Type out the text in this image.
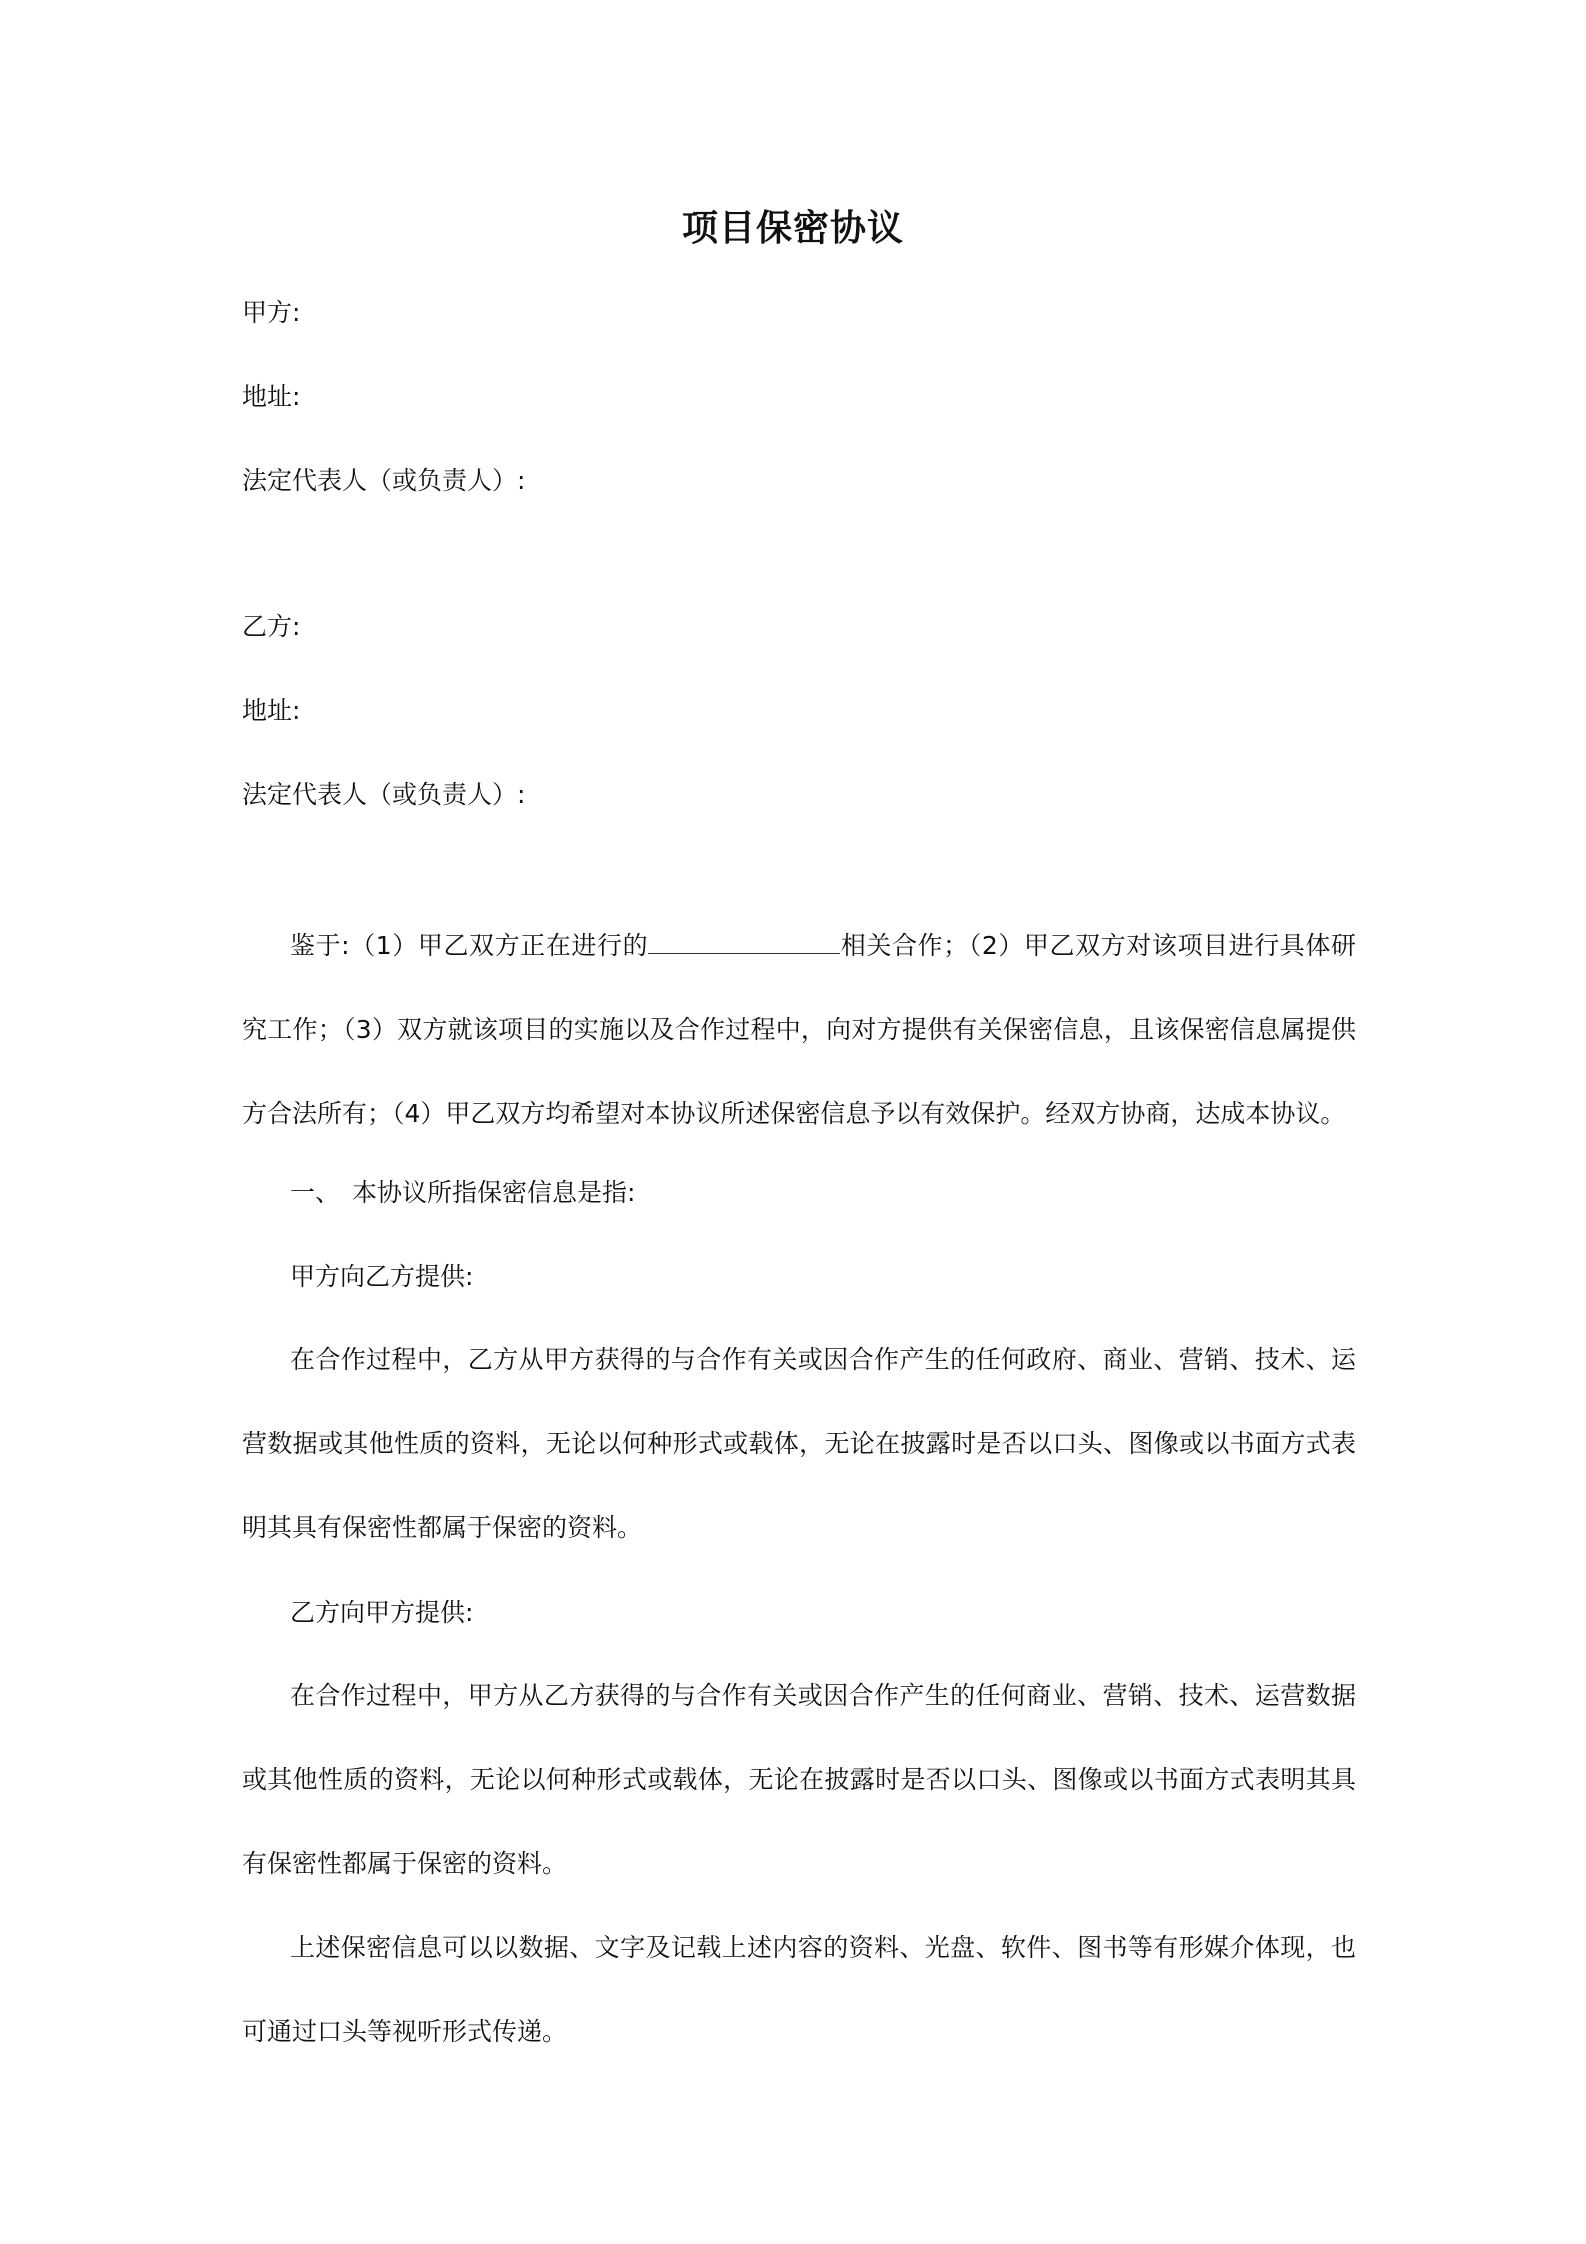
项目保密协议
甲方:
地址:
法定代表人（或负责人）:
乙方:
地址:
法定代表人（或负责人）:
鉴于:（1）甲乙双方正在进行的	相关合作；（2）甲乙双方对该项目进行具体研究工作；（3）双方就该项目的实施以及合作过程中，向对方提供有关保密信息，且该保密信息属提供方合法所有；（4）甲乙双方均希望对本协议所述保密信息予以有效保护。经双方协商，达成本协议。
一、 本协议所指保密信息是指:
甲方向乙方提供:
在合作过程中，乙方从甲方获得的与合作有关或因合作产生的任何政府、商业、营销、技术、运营数据或其他性质的资料，无论以何种形式或载体，无论在披露时是否以口头、图像或以书面方式表明其具有保密性都属于保密的资料。
乙方向甲方提供:
在合作过程中，甲方从乙方获得的与合作有关或因合作产生的任何商业、营销、技术、运营数据或其他性质的资料，无论以何种形式或载体，无论在披露时是否以口头、图像或以书面方式表明其具有保密性都属于保密的资料。
上述保密信息可以以数据、文字及记载上述内容的资料、光盘、软件、图书等有形媒介体现，也可通过口头等视听形式传递。
